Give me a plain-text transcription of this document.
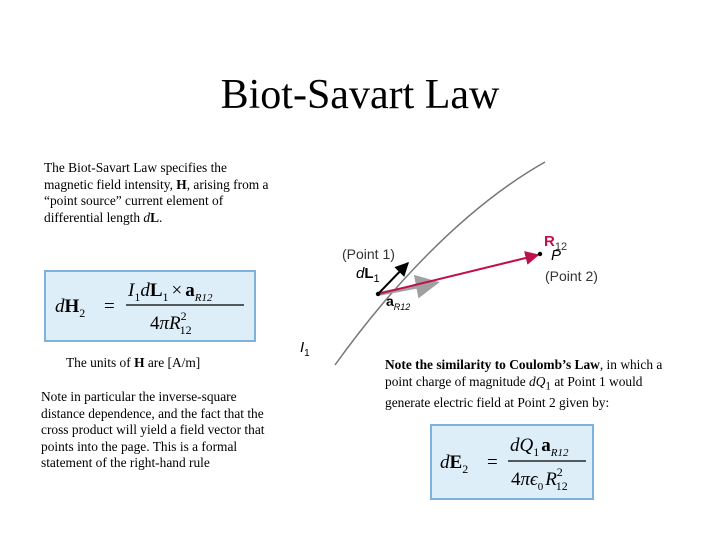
Biot-Savart Law
The Biot-Savart Law specifies the magnetic field intensity, H, arising from a “point source” current element of differential length dL.
$dH_2$ =
$I_1dL_1 \times a_{R12}$
$4\pi R^2$ 12
The units of H are [A/m]
Note in particular the inverse-square distance dependence, and the fact that the cross product will yield a field vector that points into the page. This is a formal statement of the right-hand rule
Note the similarity to Coulomb’s Law, in which a point charge of magnitude $dQ_1$ at Point 1 would generate electric field at Point 2 given by:
$dE_2$ =
$dQ_1$ $a_{R12}$
$4\pi\epsilon_0$ $R^2$ 12
(Point 1)
$dL_1$
$R_{12}$
P
(Point 2)
$a_{R12}$
$I_1$
